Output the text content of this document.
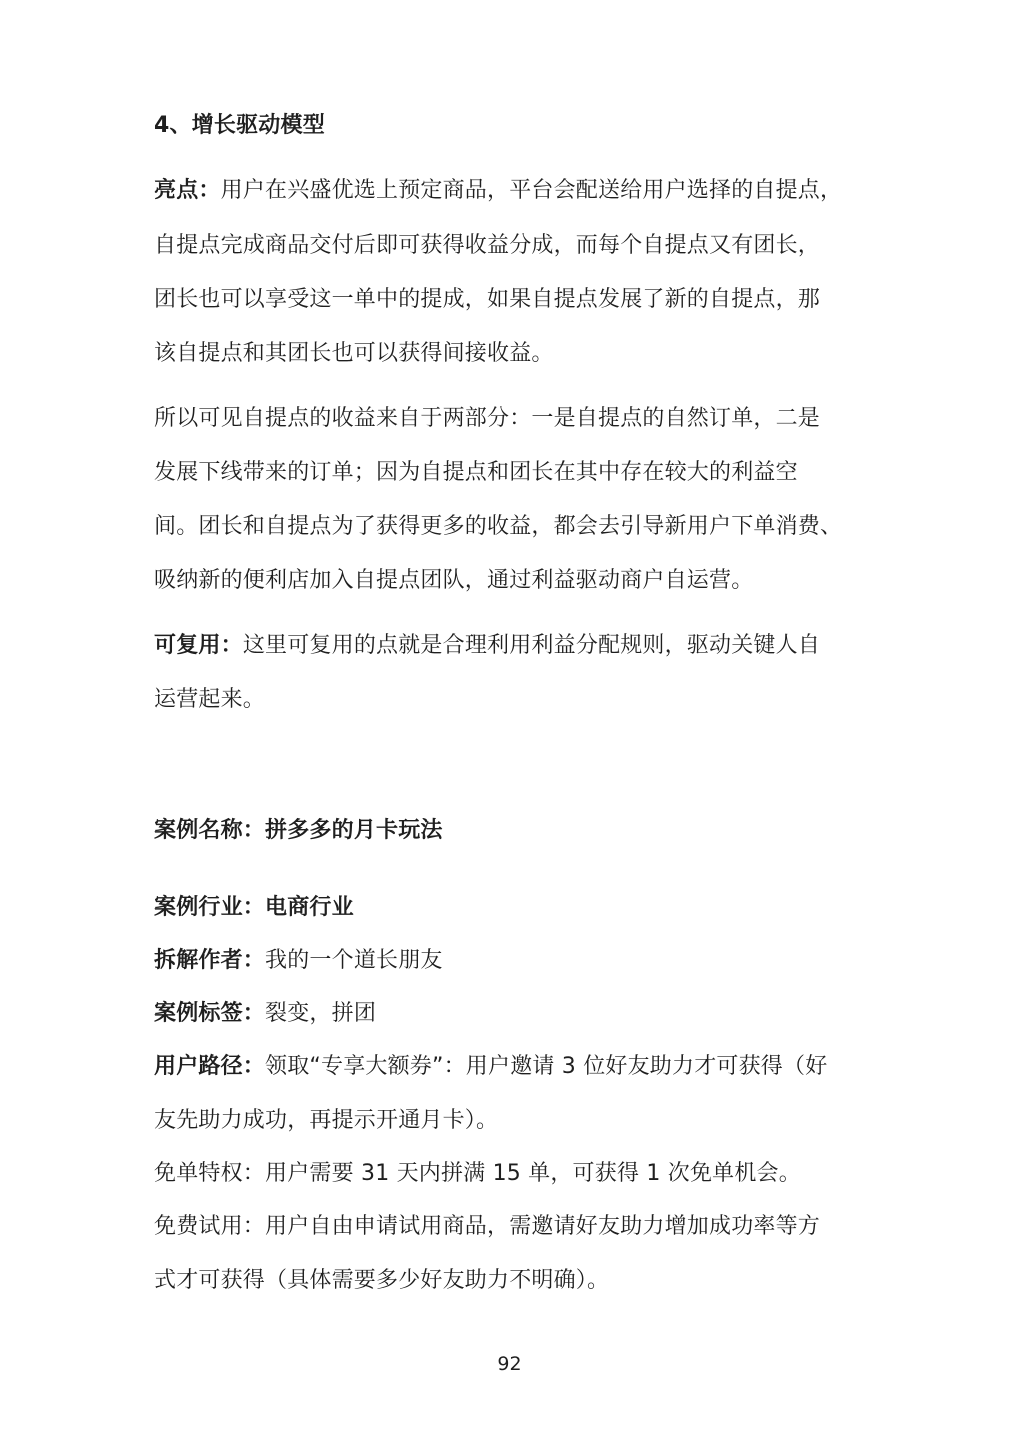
4、增长驱动模型
亮点：用户在兴盛优选上预定商品，平台会配送给用户选择的自提点，
自提点完成商品交付后即可获得收益分成，而每个自提点又有团长，
团长也可以享受这一单中的提成，如果自提点发展了新的自提点，那
该自提点和其团长也可以获得间接收益。
所以可见自提点的收益来自于两部分：一是自提点的自然订单，二是
发展下线带来的订单；因为自提点和团长在其中存在较大的利益空
间。团长和自提点为了获得更多的收益，都会去引导新用户下单消费、
吸纳新的便利店加入自提点团队，通过利益驱动商户自运营。
可复用：这里可复用的点就是合理利用利益分配规则，驱动关键人自
运营起来。
案例名称：拼多多的月卡玩法
案例行业：电商行业
拆解作者：我的一个道长朋友
案例标签：裂变，拼团
用户路径：领取“专享大额券”：用户邀请 3 位好友助力才可获得（好
友先助力成功，再提示开通月卡）。
免单特权：用户需要 31 天内拼满 15 单，可获得 1 次免单机会。
免费试用：用户自由申请试用商品，需邀请好友助力增加成功率等方
式才可获得（具体需要多少好友助力不明确）。
92
